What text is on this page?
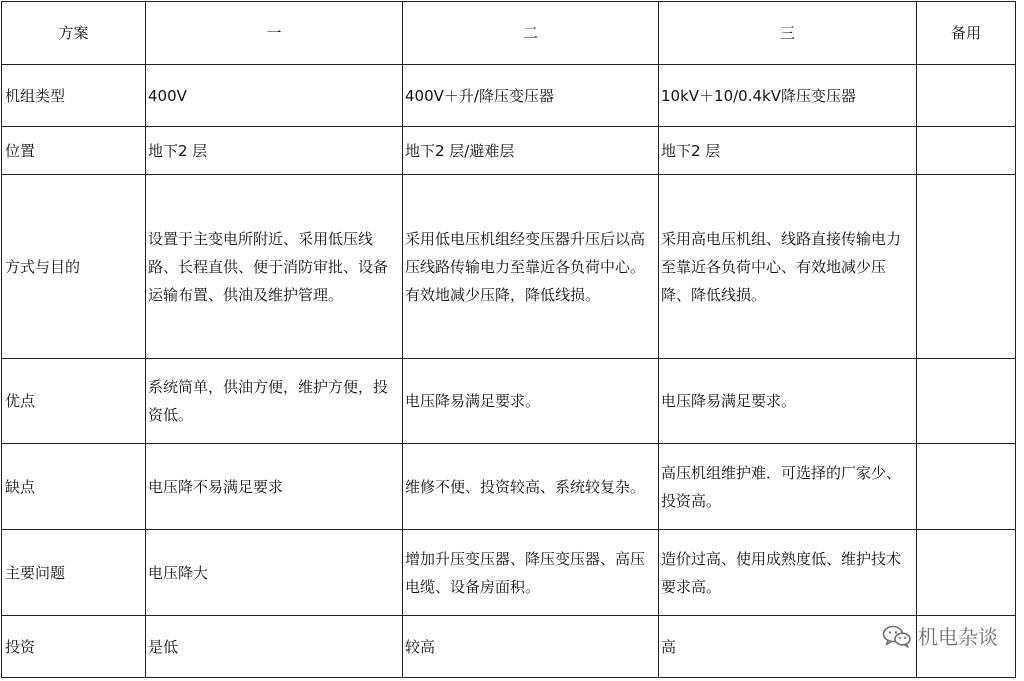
方案	一	二	三	备用
机组类型	400V	400V＋升/降压变压器	10kV＋10/0.4kV降压变压器	
位置	地下2 层	地下2 层/避难层	地下2 层	
方式与目的	设置于主变电所附近、采用低压线路、长程直供、便于消防审批、设备运输布置、供油及维护管理。	采用低电压机组经变压器升压后以高压线路传输电力至靠近各负荷中心。有效地减少压降，降低线损。	采用高电压机组、线路直接传输电力至靠近各负荷中心、有效地减少压降、降低线损。	
优点	系统简单，供油方便，维护方便，投资低。	电压降易满足要求。	电压降易满足要求。	
缺点	电压降不易满足要求	维修不便、投资较高、系统较复杂。	高压机组维护难．可选择的厂家少、投资高。	
主要问题	电压降大	增加升压变压器、降压变压器、高压电缆、设备房面积。	造价过高、使用成熟度低、维护技术要求高。	
投资	是低	较高	高		机电杂谈
